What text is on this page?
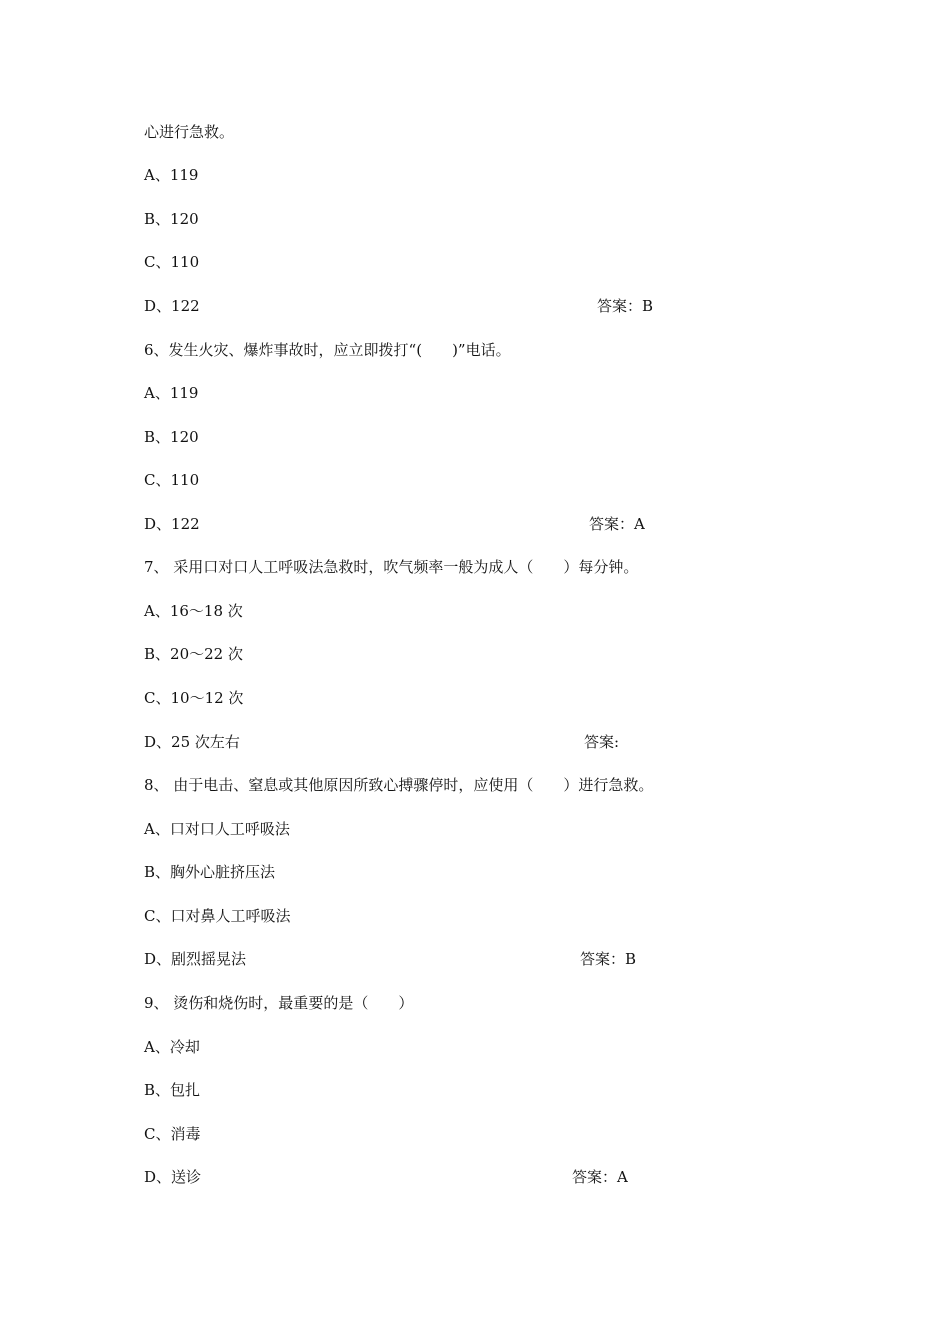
心进行急救。
A、119
B、120
C、110
D、122	答案：B
6、发生火灾、爆炸事故时，应立即拨打“(　　)”电话。
A、119
B、120
C、110
D、122	答案：A
7、 采用口对口人工呼吸法急救时，吹气频率一般为成人（　　）每分钟。
A、16～18 次
B、20～22 次
C、10～12 次
D、25 次左右	答案:
8、 由于电击、窒息或其他原因所致心搏骤停时，应使用（　　）进行急救。
A、口对口人工呼吸法
B、胸外心脏挤压法
C、口对鼻人工呼吸法
D、剧烈摇晃法	答案：B
9、 烫伤和烧伤时，最重要的是（　　）
A、冷却
B、包扎
C、消毒
D、送诊	答案：A
